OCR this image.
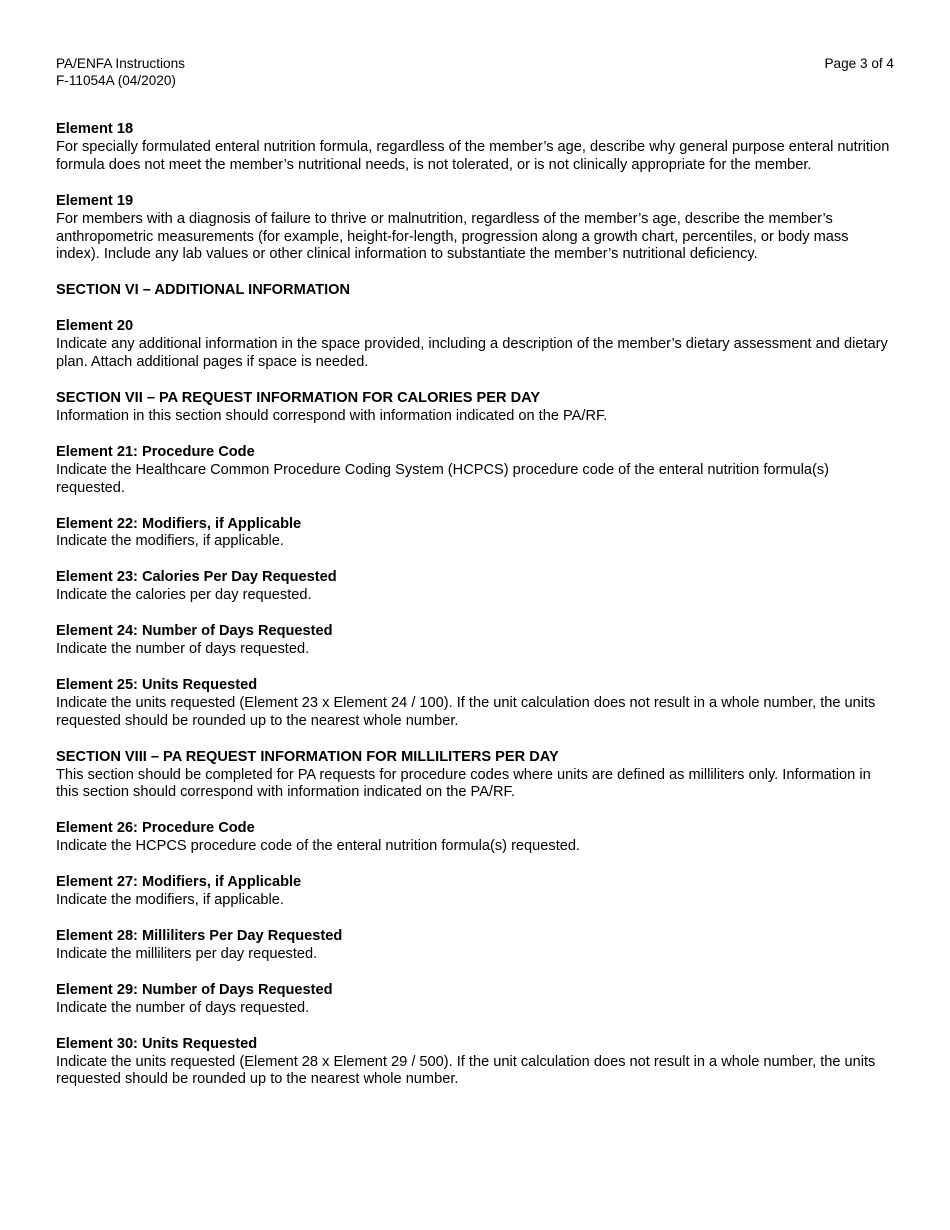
PA/ENFA Instructions
F-11054A (04/2020)
Page 3 of 4

Element 18

For specially formulated enteral nutrition formula, regardless of the member’s age, describe why general purpose enteral nutrition formula does not meet the member’s nutritional needs, is not tolerated, or is not clinically appropriate for the member.

Element 19

For members with a diagnosis of failure to thrive or malnutrition, regardless of the member’s age, describe the member’s anthropometric measurements (for example, height-for-length, progression along a growth chart, percentiles, or body mass index). Include any lab values or other clinical information to substantiate the member’s nutritional deficiency.

SECTION VI – ADDITIONAL INFORMATION

Element 20

Indicate any additional information in the space provided, including a description of the member’s dietary assessment and dietary plan. Attach additional pages if space is needed.

SECTION VII – PA REQUEST INFORMATION FOR CALORIES PER DAY

Information in this section should correspond with information indicated on the PA/RF.

Element 21: Procedure Code

Indicate the Healthcare Common Procedure Coding System (HCPCS) procedure code of the enteral nutrition formula(s) requested.

Element 22: Modifiers, if Applicable

Indicate the modifiers, if applicable.

Element 23: Calories Per Day Requested

Indicate the calories per day requested.

Element 24: Number of Days Requested

Indicate the number of days requested.

Element 25: Units Requested

Indicate the units requested (Element 23 x Element 24 / 100). If the unit calculation does not result in a whole number, the units requested should be rounded up to the nearest whole number.

SECTION VIII – PA REQUEST INFORMATION FOR MILLILITERS PER DAY

This section should be completed for PA requests for procedure codes where units are defined as milliliters only. Information in this section should correspond with information indicated on the PA/RF.

Element 26: Procedure Code

Indicate the HCPCS procedure code of the enteral nutrition formula(s) requested.

Element 27: Modifiers, if Applicable

Indicate the modifiers, if applicable.

Element 28: Milliliters Per Day Requested

Indicate the milliliters per day requested.

Element 29: Number of Days Requested

Indicate the number of days requested.

Element 30: Units Requested

Indicate the units requested (Element 28 x Element 29 / 500). If the unit calculation does not result in a whole number, the units requested should be rounded up to the nearest whole number.
